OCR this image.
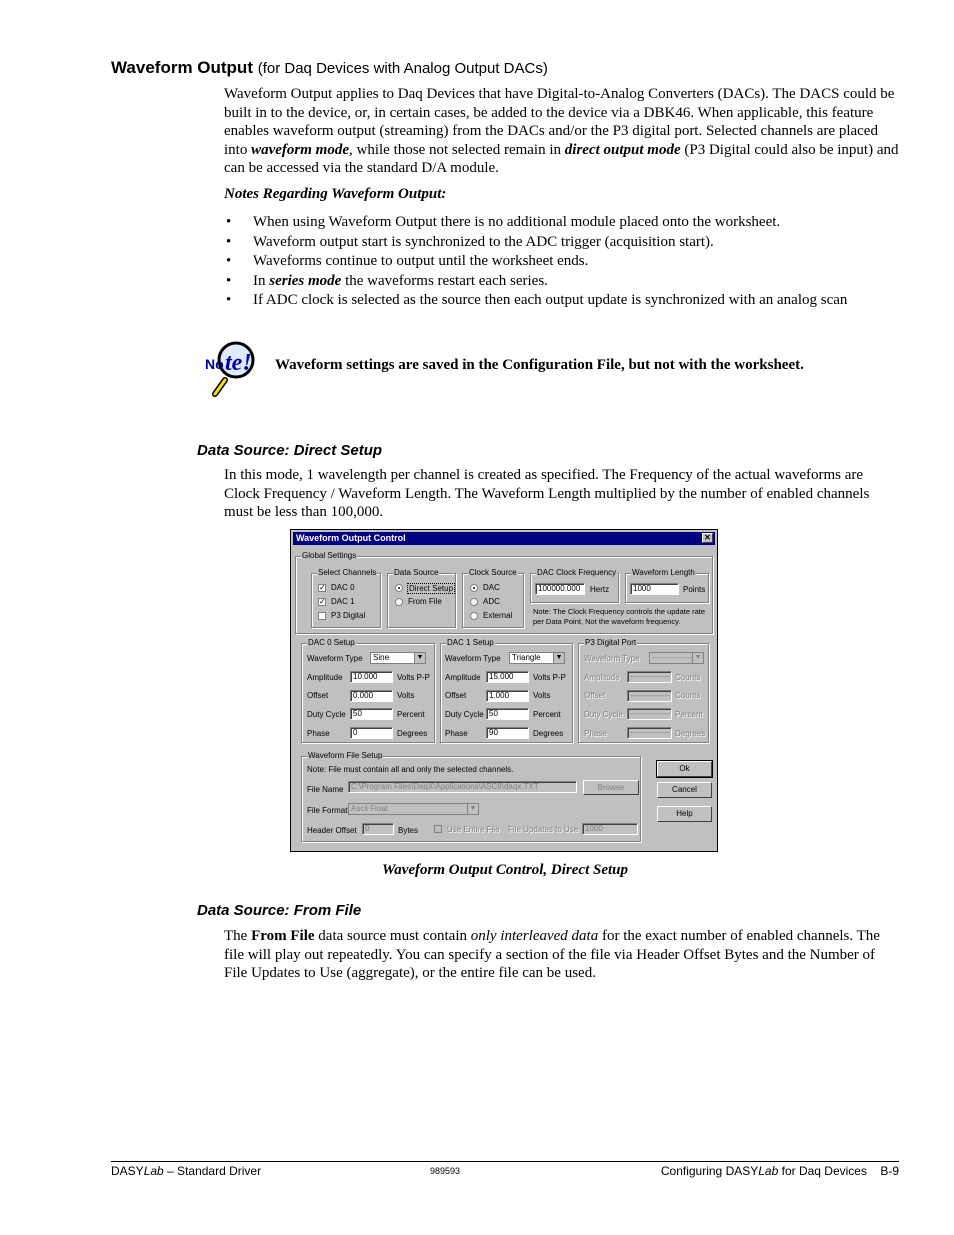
Waveform Output (for Daq Devices with Analog Output DACs)

Waveform Output applies to Daq Devices that have Digital-to-Analog Converters (DACs). The DACS could be built in to the device, or, in certain cases, be added to the device via a DBK46. When applicable, this feature enables waveform output (streaming) from the DACs and/or the P3 digital port. Selected channels are placed into waveform mode, while those not selected remain in direct output mode (P3 Digital could also be input) and can be accessed via the standard D/A module.

Notes Regarding Waveform Output:
• When using Waveform Output there is no additional module placed onto the worksheet.
• Waveform output start is synchronized to the ADC trigger (acquisition start).
• Waveforms continue to output until the worksheet ends.
• In series mode the waveforms restart each series.
• If ADC clock is selected as the source then each output update is synchronized with an analog scan
No te! Waveform settings are saved in the Configuration File, but not with the worksheet.
Data Source: Direct Setup

In this mode, 1 wavelength per channel is created as specified. The Frequency of the actual waveforms are Clock Frequency / Waveform Length. The Waveform Length multiplied by the number of enabled channels must be less than 100,000.

Waveform Output Control	✕
Global Settings
Select Channels
✓ DAC 0
✓ DAC 1
P3 Digital
Data Source
Direct Setup
From File
Clock Source
DAC
ADC
External
DAC Clock Frequency
100000.000	Hertz
Waveform Length
1000	Points
Note: The Clock Frequency controls the update rate per Data Point, Not the waveform frequency.
DAC 0 Setup
Waveform Type	Sine	▼
Amplitude	10.000	Volts P-P
Offset	0.000	Volts
Duty Cycle 50	Percent
Phase	0	Degrees
DAC 1 Setup
Waveform Type	Triangle	▼
Amplitude	15.000	Volts P-P
Offset	1.000	Volts
Duty Cycle 50	Percent
Phase	90	Degrees
P3 Digital Port
Waveform Type	--------------- ▼
Amplitude	--------------- Counts
Offset	--------------- Counts
Duty Cycle --------------- Percent
Phase	--------------- Degrees
Waveform File Setup
Note: File must contain all and only the selected channels.
File Name C:\Program Files\DaqX\Applications\ASCII\daqx.TXT	Browse
File Format Ascii Float	▼
Header Offset	0	Bytes	Use Entire File File Updates to Use 1000
Ok
Cancel
Help
Waveform Output Control, Direct Setup
Data Source: From File

The From File data source must contain only interleaved data for the exact number of enabled channels. The file will play out repeatedly. You can specify a section of the file via Header Offset Bytes and the Number of File Updates to Use (aggregate), or the entire file can be used.

DASYLab – Standard Driver	989593	Configuring DASYLab for Daq Devices    B-9
